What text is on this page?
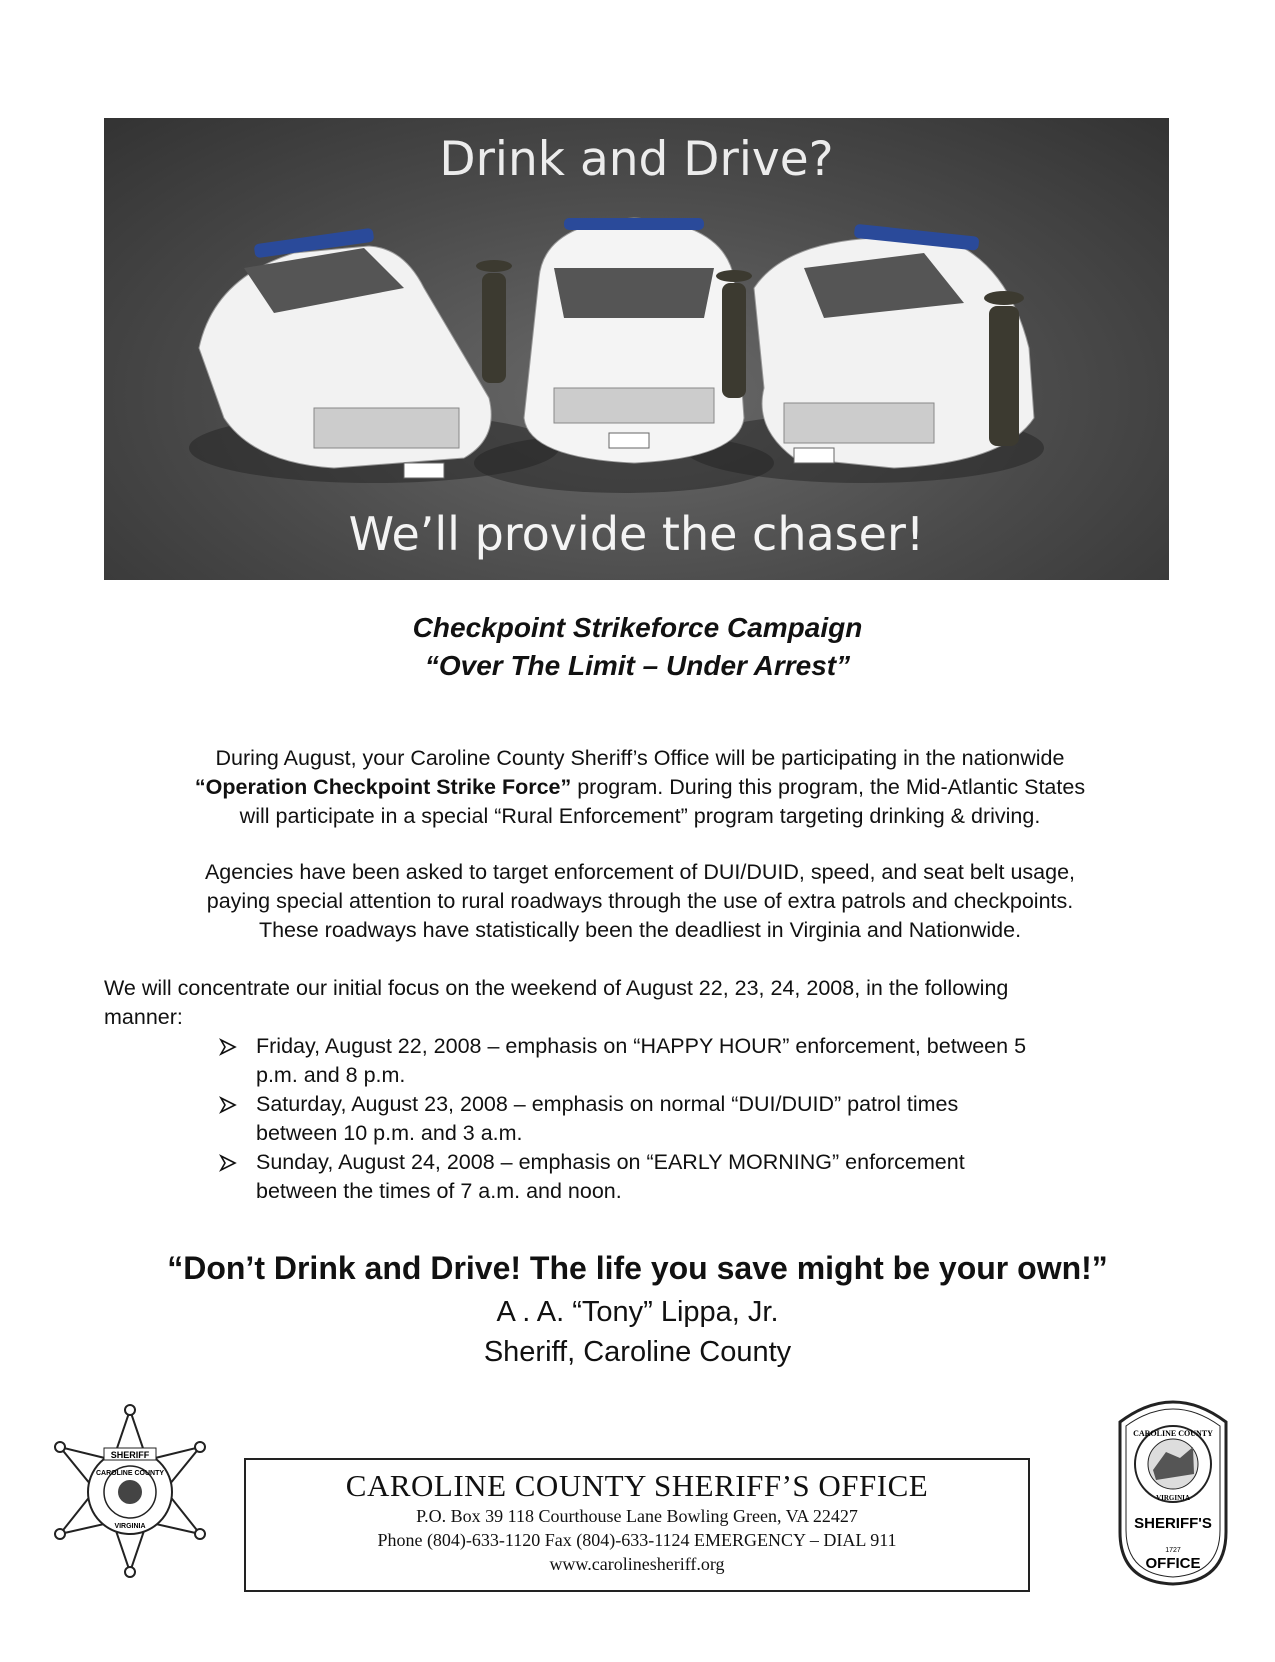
Drink and Drive?
We’ll provide the chaser!
Checkpoint Strikeforce Campaign
“Over The Limit – Under Arrest”
During August, your Caroline County Sheriff’s Office will be participating in the nationwide
“Operation Checkpoint Strike Force” program. During this program, the Mid-Atlantic States
will participate in a special “Rural Enforcement” program targeting drinking & driving.
Agencies have been asked to target enforcement of DUI/DUID, speed, and seat belt usage,
paying special attention to rural roadways through the use of extra patrols and checkpoints.
These roadways have statistically been the deadliest in Virginia and Nationwide.
We will concentrate our initial focus on the weekend of August 22, 23, 24, 2008, in the following
manner:
Friday, August 22, 2008 – emphasis on “HAPPY HOUR” enforcement, between 5
p.m. and 8 p.m.
Saturday, August 23, 2008 – emphasis on normal “DUI/DUID” patrol times
between 10 p.m. and 3 a.m.
Sunday, August 24, 2008 – emphasis on “EARLY MORNING” enforcement
between the times of 7 a.m. and noon.
“Don’t Drink and Drive! The life you save might be your own!”
A . A. “Tony” Lippa, Jr.
Sheriff, Caroline County
SHERIFF
CAROLINE COUNTY
VIRGINIA
CAROLINE COUNTY SHERIFF’S OFFICE
P.O. Box 39 118 Courthouse Lane Bowling Green, VA 22427
Phone (804)-633-1120 Fax (804)-633-1124 EMERGENCY – DIAL 911
www.carolinesheriff.org
CAROLINE COUNTY
VIRGINIA
SHERIFF'S
1727
OFFICE
